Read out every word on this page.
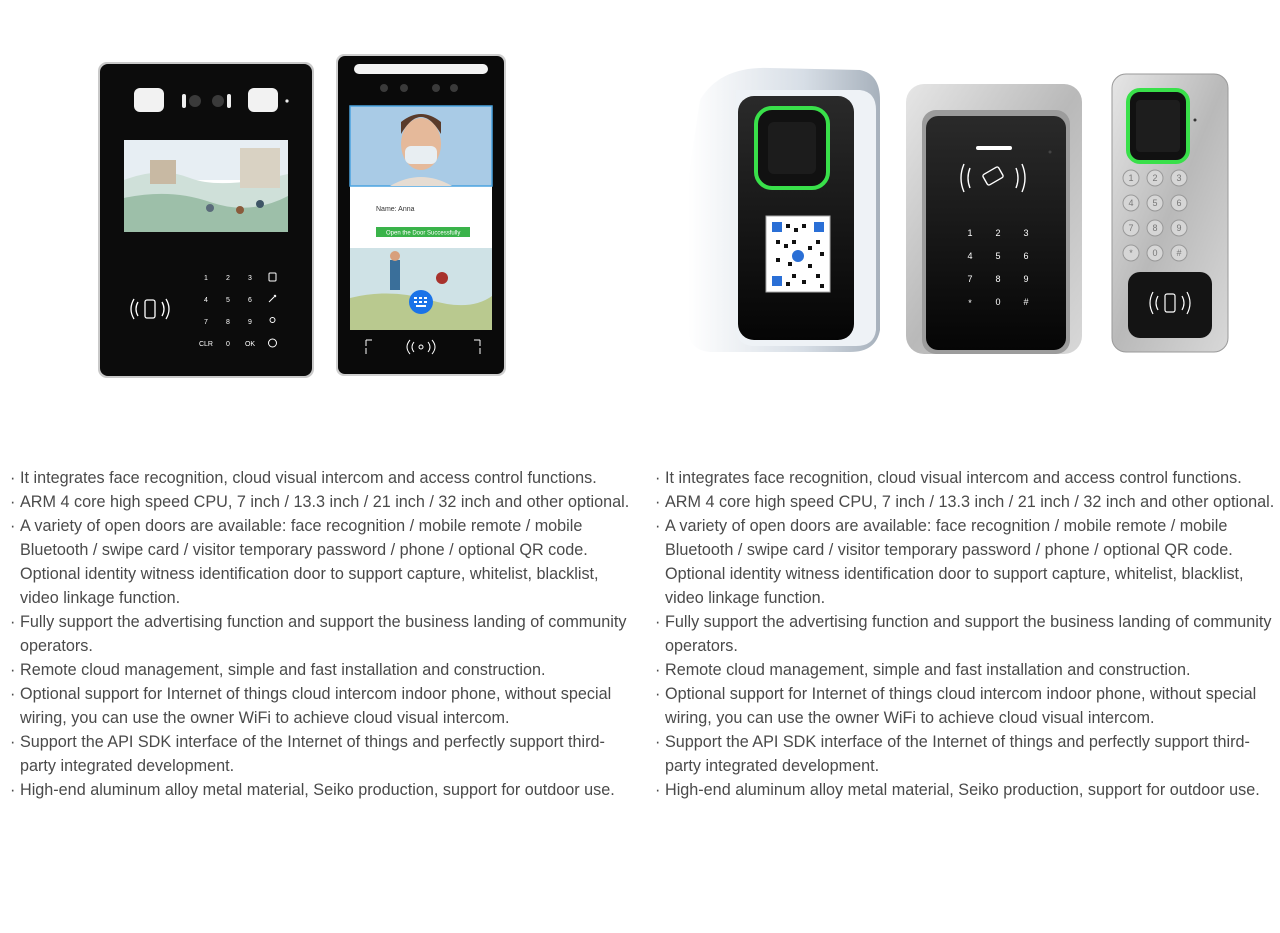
1	2	3
4	5	6
7	8	9
CLR 0 OK
Name: Anna
Open the Door Successfully	1	2	3
4	5	6
7	8	9
*	0	#
1 2 3
4 5 6
7 8 9
* 0 #
· It integrates face recognition, cloud visual intercom and access control functions.
· ARM 4 core high speed CPU, 7 inch / 13.3 inch / 21 inch / 32 inch and other optional.
· A variety of open doors are available: face recognition / mobile remote / mobile Bluetooth / swipe card / visitor temporary password / phone / optional QR code.
Optional identity witness identification door to support capture, whitelist, blacklist, video linkage function.
· Fully support the advertising function and support the business landing of community operators.
· Remote cloud management, simple and fast installation and construction.
· Optional support for Internet of things cloud intercom indoor phone, without special wiring, you can use the owner WiFi to achieve cloud visual intercom.
· Support the API SDK interface of the Internet of things and perfectly support third-party integrated development.
· High-end aluminum alloy metal material, Seiko production, support for outdoor use.
· It integrates face recognition, cloud visual intercom and access control functions.
· ARM 4 core high speed CPU, 7 inch / 13.3 inch / 21 inch / 32 inch and other optional.
· A variety of open doors are available: face recognition / mobile remote / mobile Bluetooth / swipe card / visitor temporary password / phone / optional QR code.
Optional identity witness identification door to support capture, whitelist, blacklist, video linkage function.
· Fully support the advertising function and support the business landing of community operators.
· Remote cloud management, simple and fast installation and construction.
· Optional support for Internet of things cloud intercom indoor phone, without special wiring, you can use the owner WiFi to achieve cloud visual intercom.
· Support the API SDK interface of the Internet of things and perfectly support third-party integrated development.
· High-end aluminum alloy metal material, Seiko production, support for outdoor use.
